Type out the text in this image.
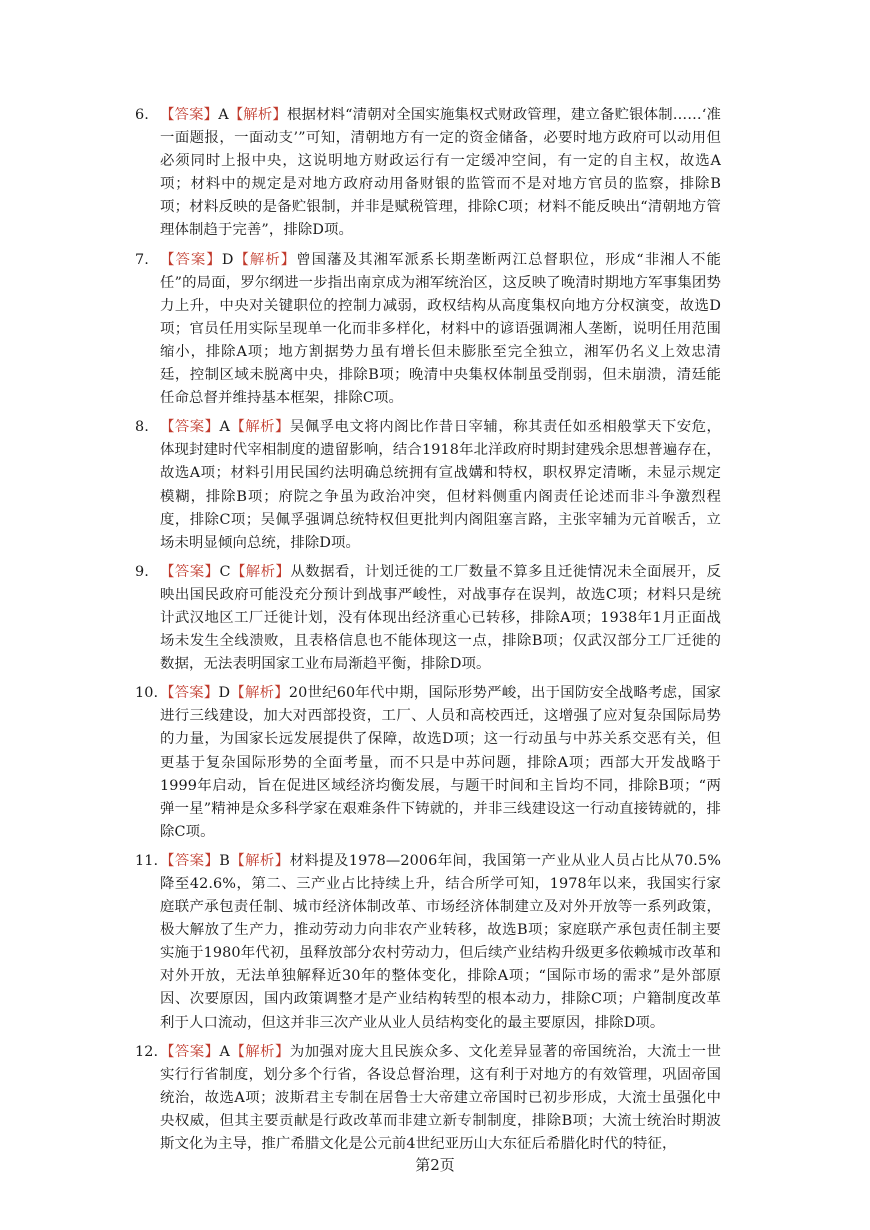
6. 【答案】A【解析】根据材料“清朝对全国实施集权式财政管理，建立备贮银体制……‘准一面题报，一面动支’”可知，清朝地方有一定的资金储备，必要时地方政府可以动用但必须同时上报中央，这说明地方财政运行有一定缓冲空间，有一定的自主权，故选A项；材料中的规定是对地方政府动用备财银的监管而不是对地方官员的监察，排除B项；材料反映的是备贮银制，并非是赋税管理，排除C项；材料不能反映出“清朝地方管理体制趋于完善”，排除D项。
7. 【答案】D【解析】曾国藩及其湘军派系长期垄断两江总督职位，形成“非湘人不能任”的局面，罗尔纲进一步指出南京成为湘军统治区，这反映了晚清时期地方军事集团势力上升，中央对关键职位的控制力减弱，政权结构从高度集权向地方分权演变，故选D项；官员任用实际呈现单一化而非多样化，材料中的谚语强调湘人垄断，说明任用范围缩小，排除A项；地方割据势力虽有增长但未膨胀至完全独立，湘军仍名义上效忠清廷，控制区域未脱离中央，排除B项；晚清中央集权体制虽受削弱，但未崩溃，清廷能任命总督并维持基本框架，排除C项。
8. 【答案】A【解析】吴佩孚电文将内阁比作昔日宰辅，称其责任如丞相般掌天下安危，体现封建时代宰相制度的遗留影响，结合1918年北洋政府时期封建残余思想普遍存在，故选A项；材料引用民国约法明确总统拥有宣战媾和特权，职权界定清晰，未显示规定模糊，排除B项；府院之争虽为政治冲突，但材料侧重内阁责任论述而非斗争激烈程度，排除C项；吴佩孚强调总统特权但更批判内阁阻塞言路，主张宰辅为元首喉舌，立场未明显倾向总统，排除D项。
9. 【答案】C【解析】从数据看，计划迁徙的工厂数量不算多且迁徙情况未全面展开，反映出国民政府可能没充分预计到战事严峻性，对战事存在误判，故选C项；材料只是统计武汉地区工厂迁徙计划，没有体现出经济重心已转移，排除A项；1938年1月正面战场未发生全线溃败，且表格信息也不能体现这一点，排除B项；仅武汉部分工厂迁徙的数据，无法表明国家工业布局渐趋平衡，排除D项。
10. 【答案】D【解析】20世纪60年代中期，国际形势严峻，出于国防安全战略考虑，国家进行三线建设，加大对西部投资，工厂、人员和高校西迁，这增强了应对复杂国际局势的力量，为国家长远发展提供了保障，故选D项；这一行动虽与中苏关系交恶有关，但更基于复杂国际形势的全面考量，而不只是中苏问题，排除A项；西部大开发战略于1999年启动，旨在促进区域经济均衡发展，与题干时间和主旨均不同，排除B项；“两弹一星”精神是众多科学家在艰难条件下铸就的，并非三线建设这一行动直接铸就的，排除C项。
11. 【答案】B【解析】材料提及1978—2006年间，我国第一产业从业人员占比从70.5%降至42.6%，第二、三产业占比持续上升，结合所学可知，1978年以来，我国实行家庭联产承包责任制、城市经济体制改革、市场经济体制建立及对外开放等一系列政策，极大解放了生产力，推动劳动力向非农产业转移，故选B项；家庭联产承包责任制主要实施于1980年代初，虽释放部分农村劳动力，但后续产业结构升级更多依赖城市改革和对外开放，无法单独解释近30年的整体变化，排除A项；“国际市场的需求”是外部原因、次要原因，国内政策调整才是产业结构转型的根本动力，排除C项；户籍制度改革利于人口流动，但这并非三次产业从业人员结构变化的最主要原因，排除D项。
12. 【答案】A【解析】为加强对庞大且民族众多、文化差异显著的帝国统治，大流士一世实行行省制度，划分多个行省，各设总督治理，这有利于对地方的有效管理，巩固帝国统治，故选A项；波斯君主专制在居鲁士大帝建立帝国时已初步形成，大流士虽强化中央权威，但其主要贡献是行政改革而非建立新专制制度，排除B项；大流士统治时期波斯文化为主导，推广希腊文化是公元前4世纪亚历山大东征后希腊化时代的特征，
第2页
